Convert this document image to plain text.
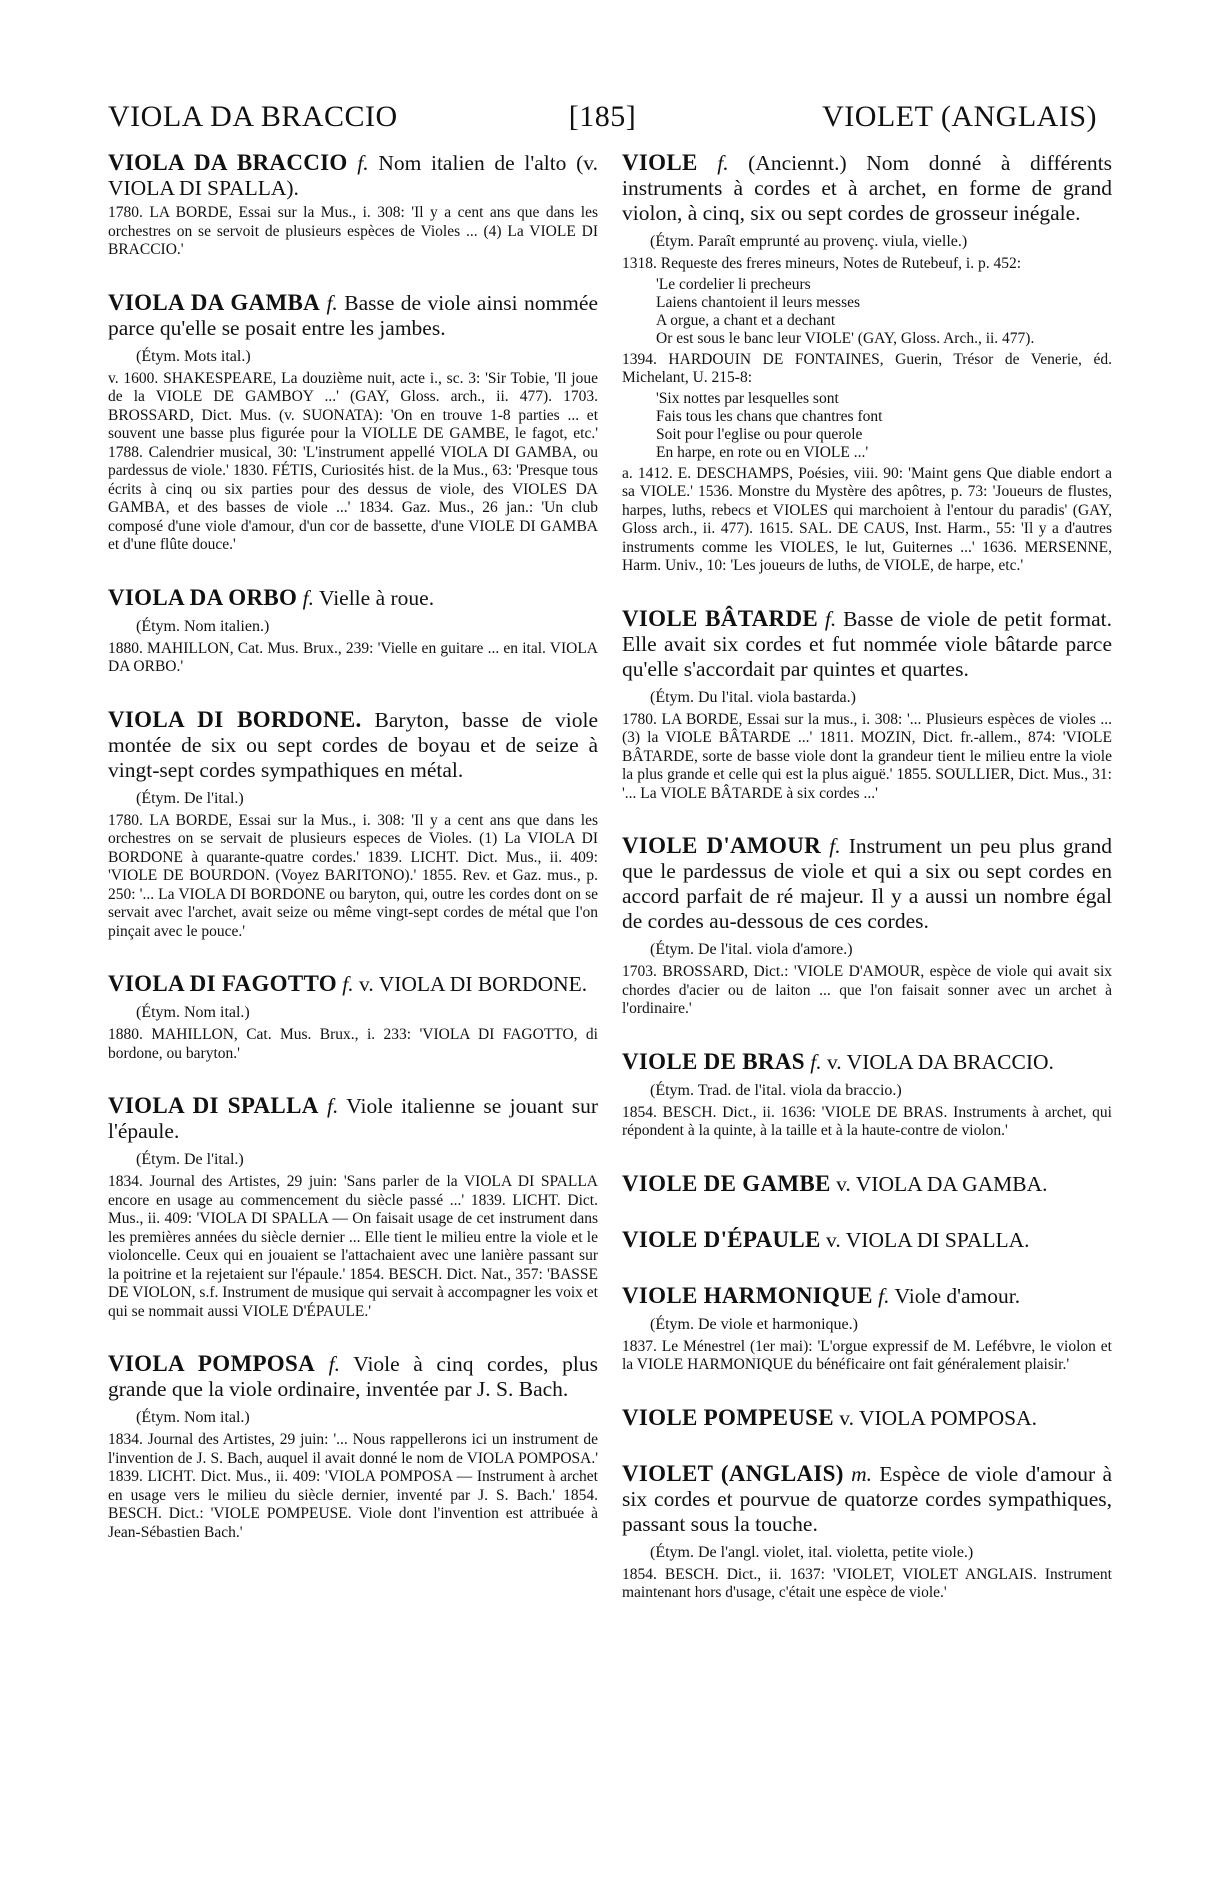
VIOLA DA BRACCIO	[185]	VIOLET (ANGLAIS)

VIOLA DA BRACCIO f. Nom italien de l'alto (v. VIOLA DI SPALLA).

1780. LA BORDE, Essai sur la Mus., i. 308: 'Il y a cent ans que dans les orchestres on se servoit de plusieurs espèces de Violes ... (4) La VIOLE DI BRACCIO.'

VIOLA DA GAMBA f. Basse de viole ainsi nommée parce qu'elle se posait entre les jambes.

(Étym. Mots ital.)

v. 1600. SHAKESPEARE, La douzième nuit, acte i., sc. 3: 'Sir Tobie, 'Il joue de la VIOLE DE GAMBOY ...' (GAY, Gloss. arch., ii. 477). 1703. BROSSARD, Dict. Mus. (v. SUONATA): 'On en trouve 1-8 parties ... et souvent une basse plus figurée pour la VIOLLE DE GAMBE, le fagot, etc.' 1788. Calendrier musical, 30: 'L'instrument appellé VIOLA DI GAMBA, ou pardessus de viole.' 1830. FÉTIS, Curiosités hist. de la Mus., 63: 'Presque tous écrits à cinq ou six parties pour des dessus de viole, des VIOLES DA GAMBA, et des basses de viole ...' 1834. Gaz. Mus., 26 jan.: 'Un club composé d'une viole d'amour, d'un cor de bassette, d'une VIOLE DI GAMBA et d'une flûte douce.'

VIOLA DA ORBO f. Vielle à roue.

(Étym. Nom italien.)

1880. MAHILLON, Cat. Mus. Brux., 239: 'Vielle en guitare ... en ital. VIOLA DA ORBO.'

VIOLA DI BORDONE. Baryton, basse de viole montée de six ou sept cordes de boyau et de seize à vingt-sept cordes sympathiques en métal.

(Étym. De l'ital.)

1780. LA BORDE, Essai sur la Mus., i. 308: 'Il y a cent ans que dans les orchestres on se servait de plusieurs especes de Violes. (1) La VIOLA DI BORDONE à quarante-quatre cordes.' 1839. LICHT. Dict. Mus., ii. 409: 'VIOLE DE BOURDON. (Voyez BARITONO).' 1855. Rev. et Gaz. mus., p. 250: '... La VIOLA DI BORDONE ou baryton, qui, outre les cordes dont on se servait avec l'archet, avait seize ou même vingt-sept cordes de métal que l'on pinçait avec le pouce.'

VIOLA DI FAGOTTO f. v. VIOLA DI BORDONE.

(Étym. Nom ital.)

1880. MAHILLON, Cat. Mus. Brux., i. 233: 'VIOLA DI FAGOTTO, di bordone, ou baryton.'

VIOLA DI SPALLA f. Viole italienne se jouant sur l'épaule.

(Étym. De l'ital.)

1834. Journal des Artistes, 29 juin: 'Sans parler de la VIOLA DI SPALLA encore en usage au commencement du siècle passé ...' 1839. LICHT. Dict. Mus., ii. 409: 'VIOLA DI SPALLA — On faisait usage de cet instrument dans les premières années du siècle dernier ... Elle tient le milieu entre la viole et le violoncelle. Ceux qui en jouaient se l'attachaient avec une lanière passant sur la poitrine et la rejetaient sur l'épaule.' 1854. BESCH. Dict. Nat., 357: 'BASSE DE VIOLON, s.f. Instrument de musique qui servait à accompagner les voix et qui se nommait aussi VIOLE D'ÉPAULE.'

VIOLA POMPOSA f. Viole à cinq cordes, plus grande que la viole ordinaire, inventée par J. S. Bach.

(Étym. Nom ital.)

1834. Journal des Artistes, 29 juin: '... Nous rappellerons ici un instrument de l'invention de J. S. Bach, auquel il avait donné le nom de VIOLA POMPOSA.' 1839. LICHT. Dict. Mus., ii. 409: 'VIOLA POMPOSA — Instrument à archet en usage vers le milieu du siècle dernier, inventé par J. S. Bach.' 1854. BESCH. Dict.: 'VIOLE POMPEUSE. Viole dont l'invention est attribuée à Jean-Sébastien Bach.'

VIOLE f. (Anciennt.) Nom donné à différents instruments à cordes et à archet, en forme de grand violon, à cinq, six ou sept cordes de grosseur inégale.

(Étym. Paraît emprunté au provenç. viula, vielle.)

1318. Requeste des freres mineurs, Notes de Rutebeuf, i. p. 452:

'Le cordelier li precheurs
Laiens chantoient il leurs messes
A orgue, a chant et a dechant
Or est sous le banc leur VIOLE' (GAY, Gloss. Arch., ii. 477).

1394. HARDOUIN DE FONTAINES, Guerin, Trésor de Venerie, éd. Michelant, U. 215-8:

'Six nottes par lesquelles sont
Fais tous les chans que chantres font
Soit pour l'eglise ou pour querole
En harpe, en rote ou en VIOLE ...'

a. 1412. E. DESCHAMPS, Poésies, viii. 90: 'Maint gens Que diable endort a sa VIOLE.' 1536. Monstre du Mystère des apôtres, p. 73: 'Joueurs de flustes, harpes, luths, rebecs et VIOLES qui marchoient à l'entour du paradis' (GAY, Gloss arch., ii. 477). 1615. SAL. DE CAUS, Inst. Harm., 55: 'Il y a d'autres instruments comme les VIOLES, le lut, Guiternes ...' 1636. MERSENNE, Harm. Univ., 10: 'Les joueurs de luths, de VIOLE, de harpe, etc.'

VIOLE BÂTARDE f. Basse de viole de petit format. Elle avait six cordes et fut nommée viole bâtarde parce qu'elle s'accordait par quintes et quartes.

(Étym. Du l'ital. viola bastarda.)

1780. LA BORDE, Essai sur la mus., i. 308: '... Plusieurs espèces de violes ... (3) la VIOLE BÂTARDE ...' 1811. MOZIN, Dict. fr.-allem., 874: 'VIOLE BÂTARDE, sorte de basse viole dont la grandeur tient le milieu entre la viole la plus grande et celle qui est la plus aiguë.' 1855. SOULLIER, Dict. Mus., 31: '... La VIOLE BÂTARDE à six cordes ...'

VIOLE D'AMOUR f. Instrument un peu plus grand que le pardessus de viole et qui a six ou sept cordes en accord parfait de ré majeur. Il y a aussi un nombre égal de cordes au-dessous de ces cordes.

(Étym. De l'ital. viola d'amore.)

1703. BROSSARD, Dict.: 'VIOLE D'AMOUR, espèce de viole qui avait six chordes d'acier ou de laiton ... que l'on faisait sonner avec un archet à l'ordinaire.'

VIOLE DE BRAS f. v. VIOLA DA BRACCIO.

(Étym. Trad. de l'ital. viola da braccio.)

1854. BESCH. Dict., ii. 1636: 'VIOLE DE BRAS. Instruments à archet, qui répondent à la quinte, à la taille et à la haute-contre de violon.'

VIOLE DE GAMBE v. VIOLA DA GAMBA.

VIOLE D'ÉPAULE v. VIOLA DI SPALLA.

VIOLE HARMONIQUE f. Viole d'amour.

(Étym. De viole et harmonique.)

1837. Le Ménestrel (1er mai): 'L'orgue expressif de M. Lefébvre, le violon et la VIOLE HARMONIQUE du bénéficaire ont fait généralement plaisir.'

VIOLE POMPEUSE v. VIOLA POMPOSA.

VIOLET (ANGLAIS) m. Espèce de viole d'amour à six cordes et pourvue de quatorze cordes sympathiques, passant sous la touche.

(Étym. De l'angl. violet, ital. violetta, petite viole.)

1854. BESCH. Dict., ii. 1637: 'VIOLET, VIOLET ANGLAIS. Instrument maintenant hors d'usage, c'était une espèce de viole.'
